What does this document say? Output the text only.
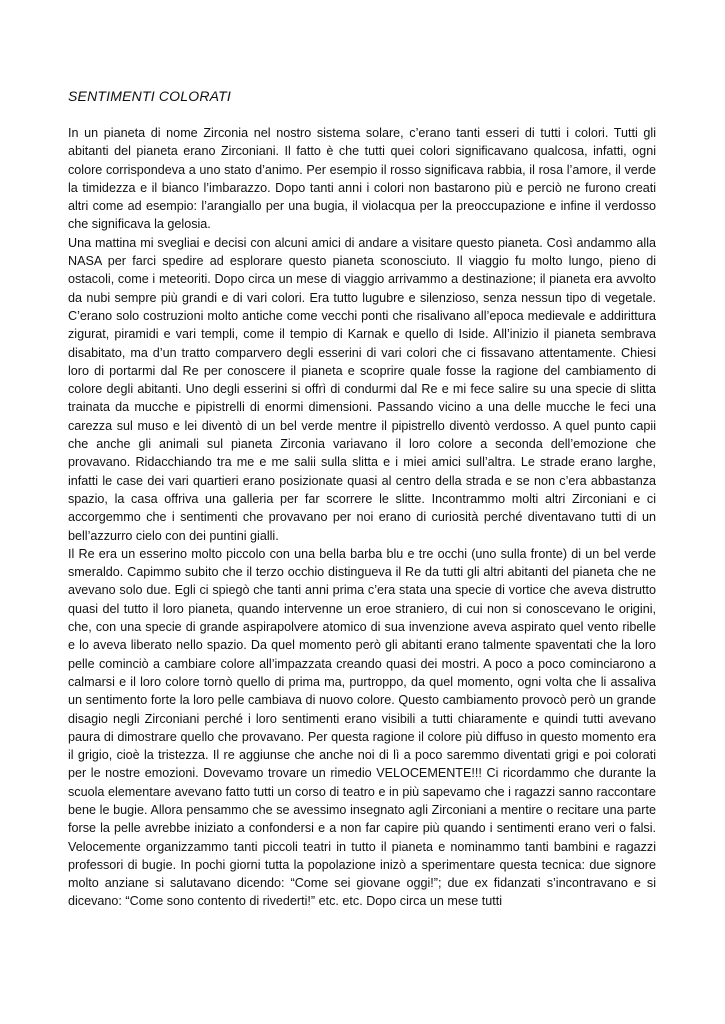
SENTIMENTI COLORATI

In un pianeta di nome Zirconia nel nostro sistema solare, c’erano tanti esseri di tutti i colori. Tutti gli abitanti del pianeta erano Zirconiani. Il fatto è che tutti quei colori significavano qualcosa, infatti, ogni colore corrispondeva a uno stato d’animo. Per esempio il rosso significava rabbia, il rosa l’amore, il verde la timidezza e il bianco l’imbarazzo. Dopo tanti anni i colori non bastarono più e perciò ne furono creati altri come ad esempio: l’arangiallo per una bugia, il violacqua per la preoccupazione e infine il verdosso che significava la gelosia.

Una mattina mi svegliai e decisi con alcuni amici di andare a visitare questo pianeta. Così andammo alla NASA per farci spedire ad esplorare questo pianeta sconosciuto. Il viaggio fu molto lungo, pieno di ostacoli, come i meteoriti. Dopo circa un mese di viaggio arrivammo a destinazione; il pianeta era avvolto da nubi sempre più grandi e di vari colori. Era tutto lugubre e silenzioso, senza nessun tipo di vegetale. C’erano solo costruzioni molto antiche come vecchi ponti che risalivano all’epoca medievale e addirittura zigurat, piramidi e vari templi, come il tempio di Karnak e quello di Iside. All’inizio il pianeta sembrava disabitato, ma d’un tratto comparvero degli esserini di vari colori che ci fissavano attentamente. Chiesi loro di portarmi dal Re per conoscere il pianeta e scoprire quale fosse la ragione del cambiamento di colore degli abitanti. Uno degli esserini si offrì di condurmi dal Re e mi fece salire su una specie di slitta trainata da mucche e pipistrelli di enormi dimensioni. Passando vicino a una delle mucche le feci una carezza sul muso e lei diventò di un bel verde mentre il pipistrello diventò verdosso. A quel punto capii che anche gli animali sul pianeta Zirconia variavano il loro colore a seconda dell’emozione che provavano. Ridacchiando tra me e me salii sulla slitta e i miei amici sull’altra. Le strade erano larghe, infatti le case dei vari quartieri erano posizionate quasi al centro della strada e se non c’era abbastanza spazio, la casa offriva una galleria per far scorrere le slitte. Incontrammo molti altri Zirconiani e ci accorgemmo che i sentimenti che provavano per noi erano di curiosità perché diventavano tutti di un bell’azzurro cielo con dei puntini gialli.

Il Re era un esserino molto piccolo con una bella barba blu e tre occhi (uno sulla fronte) di un bel verde smeraldo. Capimmo subito che il terzo occhio distingueva il Re da tutti gli altri abitanti del pianeta che ne avevano solo due. Egli ci spiegò che tanti anni prima c’era stata una specie di vortice che aveva distrutto quasi del tutto il loro pianeta, quando intervenne un eroe straniero, di cui non si conoscevano le origini, che, con una specie di grande aspirapolvere atomico di sua invenzione aveva aspirato quel vento ribelle e lo aveva liberato nello spazio. Da quel momento però gli abitanti erano talmente spaventati che la loro pelle cominciò a cambiare colore all’impazzata creando quasi dei mostri. A poco a poco cominciarono a calmarsi e il loro colore tornò quello di prima ma, purtroppo, da quel momento, ogni volta che li assaliva un sentimento forte la loro pelle cambiava di nuovo colore. Questo cambiamento provocò però un grande disagio negli Zirconiani perché i loro sentimenti erano visibili a tutti chiaramente e quindi tutti avevano paura di dimostrare quello che provavano. Per questa ragione il colore più diffuso in questo momento era il grigio, cioè la tristezza. Il re aggiunse che anche noi di lì a poco saremmo diventati grigi e poi colorati per le nostre emozioni. Dovevamo trovare un rimedio VELOCEMENTE!!! Ci ricordammo che durante la scuola elementare avevano fatto tutti un corso di teatro e in più sapevamo che i ragazzi sanno raccontare bene le bugie. Allora pensammo che se avessimo insegnato agli Zirconiani a mentire o recitare una parte forse la pelle avrebbe iniziato a confondersi e a non far capire più quando i sentimenti erano veri o falsi. Velocemente organizzammo tanti piccoli teatri in tutto il pianeta e nominammo tanti bambini e ragazzi professori di bugie. In pochi giorni tutta la popolazione inizò a sperimentare questa tecnica: due signore molto anziane si salutavano dicendo: “Come sei giovane oggi!”; due ex fidanzati s’incontravano e si dicevano: “Come sono contento di rivederti!” etc. etc. Dopo circa un mese tutti
